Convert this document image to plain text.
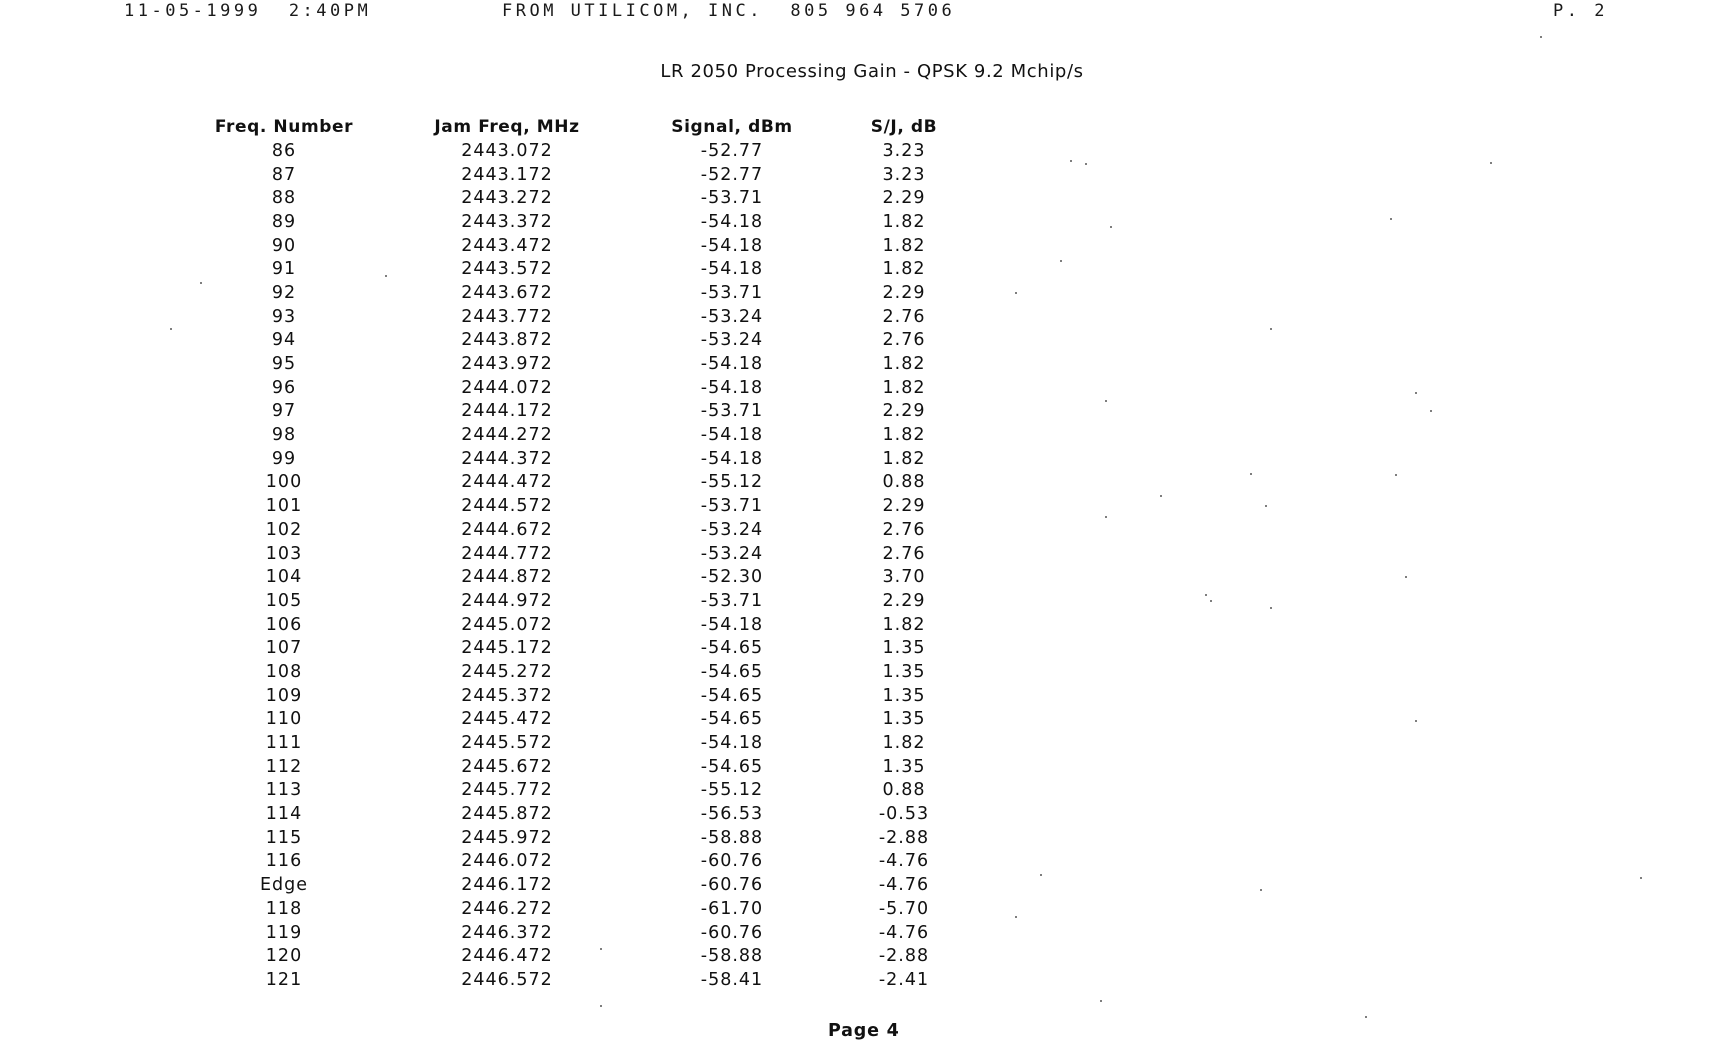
11-05-1999  2:40PM	FROM UTILICOM, INC.  805 964 5706	P. 2
LR 2050 Processing Gain - QPSK 9.2 Mchip/s
Freq. Number	Jam Freq, MHz	Signal, dBm	S/J, dB
86	2443.072	-52.77	3.23
87	2443.172	-52.77	3.23
88	2443.272	-53.71	2.29
89	2443.372	-54.18	1.82
90	2443.472	-54.18	1.82
91	2443.572	-54.18	1.82
92	2443.672	-53.71	2.29
93	2443.772	-53.24	2.76
94	2443.872	-53.24	2.76
95	2443.972	-54.18	1.82
96	2444.072	-54.18	1.82
97	2444.172	-53.71	2.29
98	2444.272	-54.18	1.82
99	2444.372	-54.18	1.82
100	2444.472	-55.12	0.88
101	2444.572	-53.71	2.29
102	2444.672	-53.24	2.76
103	2444.772	-53.24	2.76
104	2444.872	-52.30	3.70
105	2444.972	-53.71	2.29
106	2445.072	-54.18	1.82
107	2445.172	-54.65	1.35
108	2445.272	-54.65	1.35
109	2445.372	-54.65	1.35
110	2445.472	-54.65	1.35
111	2445.572	-54.18	1.82
112	2445.672	-54.65	1.35
113	2445.772	-55.12	0.88
114	2445.872	-56.53	-0.53
115	2445.972	-58.88	-2.88
116	2446.072	-60.76	-4.76
Edge	2446.172	-60.76	-4.76
118	2446.272	-61.70	-5.70
119	2446.372	-60.76	-4.76
120	2446.472	-58.88	-2.88
121	2446.572	-58.41	-2.41
Page 4
